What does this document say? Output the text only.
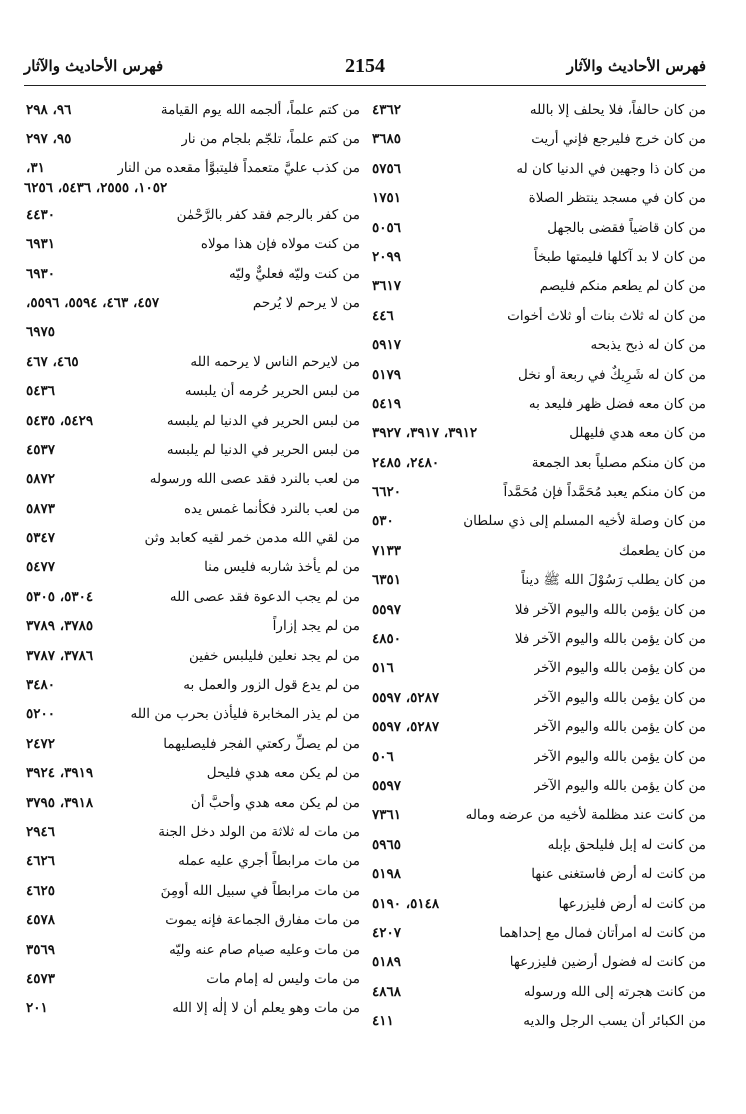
فهرس الأحاديث والآثار
2154
فهرس الأحاديث والآثار
من كان حالفاً، فلا يحلف إلا بالله
٤٣٦٢
من كان خرج فليرجع فإني أريت
٣٦٨٥
من كان ذا وجهين في الدنيا كان له
٥٧٥٦
من كان في مسجد ينتظر الصلاة
١٧٥١
من كان قاضياً فقضى بالجهل
٥٠٥٦
من كان لا بد آكلها فليمتها طبخاً
٢٠٩٩
من كان لم يطعم منكم فليصم
٣٦١٧
من كان له ثلاث بنات أو ثلاث أخوات
٤٤٦
من كان له ذبح يذبحه
٥٩١٧
من كان له شَرِيكٌ في ربعة أو نخل
٥١٧٩
من كان معه فضل ظهر فليعد به
٥٤١٩
من كان معه هدي فليهلل
٣٩١٢، ٣٩١٧، ٣٩٢٧
من كان منكم مصلياً بعد الجمعة
٢٤٨٠، ٢٤٨٥
من كان منكم يعبد مُحَمَّداً فإن مُحَمَّداً
٦٦٢٠
من كان وصلة لأخيه المسلم إلى ذي سلطان
٥٣٠
من كان يطعمك
٧١٣٣
من كان يطلب رَسُوْلَ الله ﷺ ديناً
٦٣٥١
من كان يؤمن بالله واليوم الآخر فلا
٥٥٩٧
من كان يؤمن بالله واليوم الآخر فلا
٤٨٥٠
من كان يؤمن بالله واليوم الآخر
٥١٦
من كان يؤمن بالله واليوم الآخر
٥٢٨٧، ٥٥٩٧
من كان يؤمن بالله واليوم الآخر
٥٢٨٧، ٥٥٩٧
من كان يؤمن بالله واليوم الآخر
٥٠٦
من كان يؤمن بالله واليوم الآخر
٥٥٩٧
من كانت عند مظلمة لأخيه من عرضه وماله
٧٣٦١
من كانت له إبل فليلحق بإبله
٥٩٦٥
من كانت له أرض فاستغنى عنها
٥١٩٨
من كانت له أرض فليزرعها
٥١٤٨، ٥١٩٠
من كانت له امرأتان فمال مع إحداهما
٤٢٠٧
من كانت له فضول أرضين فليزرعها
٥١٨٩
من كانت هجرته إلى الله ورسوله
٤٨٦٨
من الكبائر أن يسب الرجل والديه
٤١١
من كتم علماً، ألجمه الله يوم القيامة
٩٦، ٢٩٨
من كتم علماً، تلجّم بلجام من نار
٩٥، ٢٩٧
من كذب عليَّ متعمداً فليتبوَّأ مقعده من النار
٣١،
١٠٥٢، ٢٥٥٥، ٥٤٣٦، ٦٢٥٦
من كفر بالرجم فقد كفر بالرَّحْمٰن
٤٤٣٠
من كنت مولاه فإن هذا مولاه
٦٩٣١
من كنت وليّه فعليٌّ وليّه
٦٩٣٠
من لا يرحم لا يُرحم
٤٥٧، ٤٦٣، ٥٥٩٤، ٥٥٩٦،
٦٩٧٥
من لايرحم الناس لا يرحمه الله
٤٦٥، ٤٦٧
من لبس الحرير حُرمه أن يلبسه
٥٤٣٦
من لبس الحرير في الدنيا لم يلبسه
٥٤٢٩، ٥٤٣٥
من لبس الحرير في الدنيا لم يلبسه
٤٥٣٧
من لعب بالنرد فقد عصى الله ورسوله
٥٨٧٢
من لعب بالنرد فكأنما غمس يده
٥٨٧٣
من لقي الله مدمن خمر لقيه كعابد وثن
٥٣٤٧
من لم يأخذ شاربه فليس منا
٥٤٧٧
من لم يجب الدعوة فقد عصى الله
٥٣٠٤، ٥٣٠٥
من لم يجد إزاراً
٣٧٨٥، ٣٧٨٩
من لم يجد نعلين فليلبس خفين
٣٧٨٦، ٣٧٨٧
من لم يدع قول الزور والعمل به
٣٤٨٠
من لم يذر المخابرة فليأذن بحرب من الله
٥٢٠٠
من لم يصلِّ ركعتي الفجر فليصليهما
٢٤٧٢
من لم يكن معه هدي فليحل
٣٩١٩، ٣٩٢٤
من لم يكن معه هدي وأحبَّ أن
٣٩١٨، ٣٧٩٥
من مات له ثلاثة من الولد دخل الجنة
٢٩٤٦
من مات مرابطاً أجري عليه عمله
٤٦٢٦
من مات مرابطاً في سبيل الله أومِنَ
٤٦٢٥
من مات مفارق الجماعة فإنه يموت
٤٥٧٨
من مات وعليه صيام صام عنه وليّه
٣٥٦٩
من مات وليس له إمام مات
٤٥٧٣
من مات وهو يعلم أن لا إلٰه إلا الله
٢٠١
